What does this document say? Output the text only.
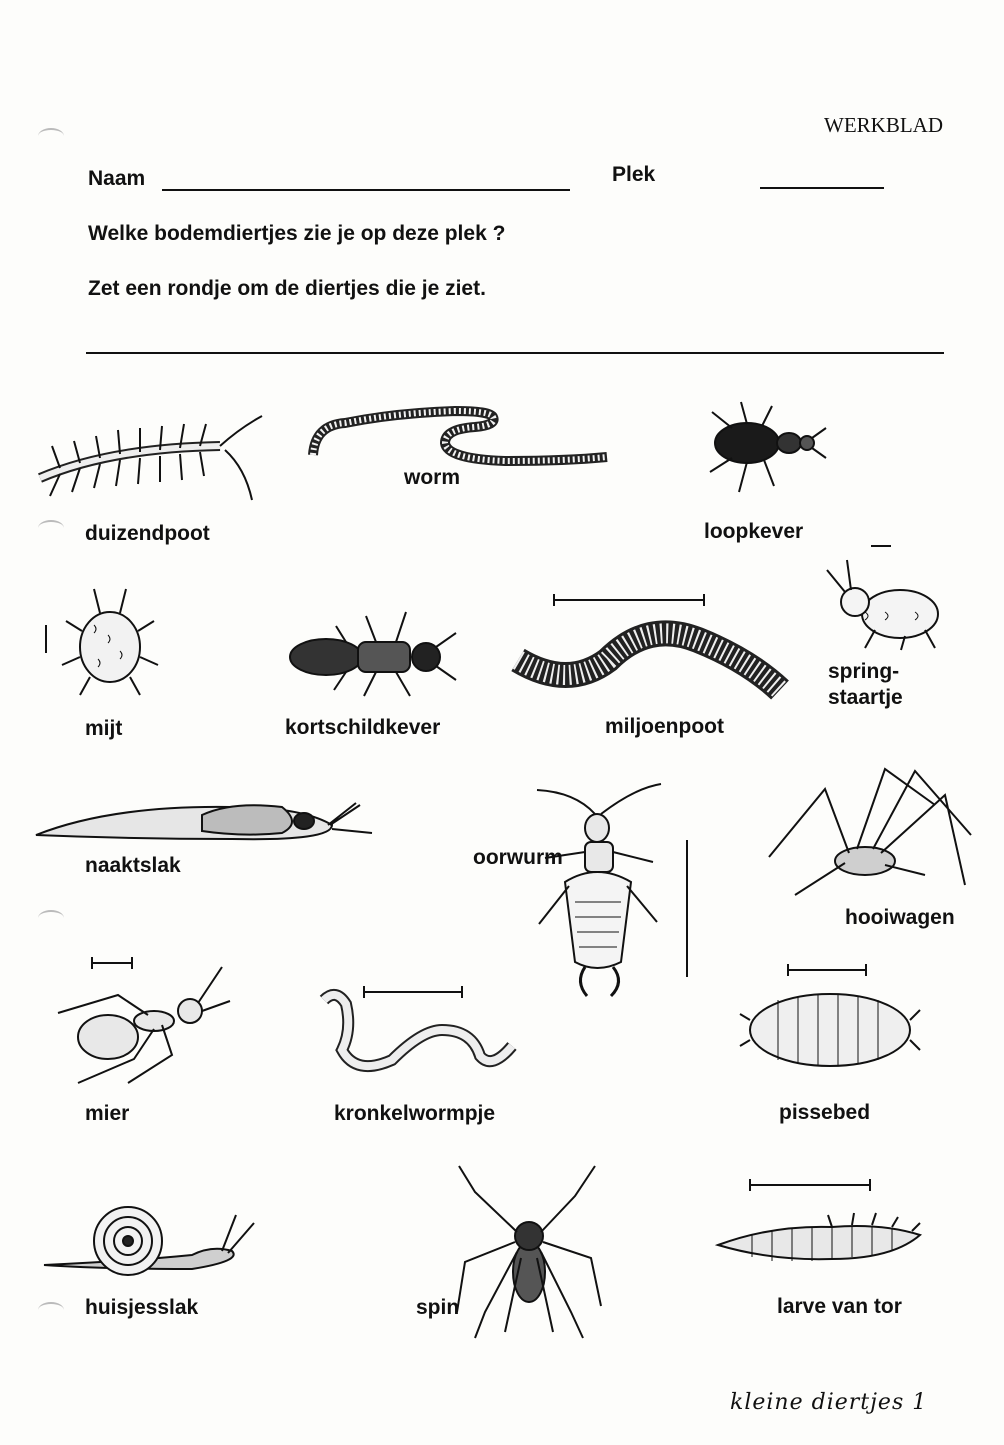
WERKBLAD
Naam	Plek
Welke bodemdiertjes zie je op deze plek ?
Zet een rondje om de diertjes die je ziet.
duizendpoot
worm
loopkever
mijt	kortschildkever	miljoenpoot
spring-
staartje
naaktslak	oorwurm
hooiwagen
mier	kronkelwormpje	pissebed
huisjesslak	spin	larve van tor
kleine diertjes 1
